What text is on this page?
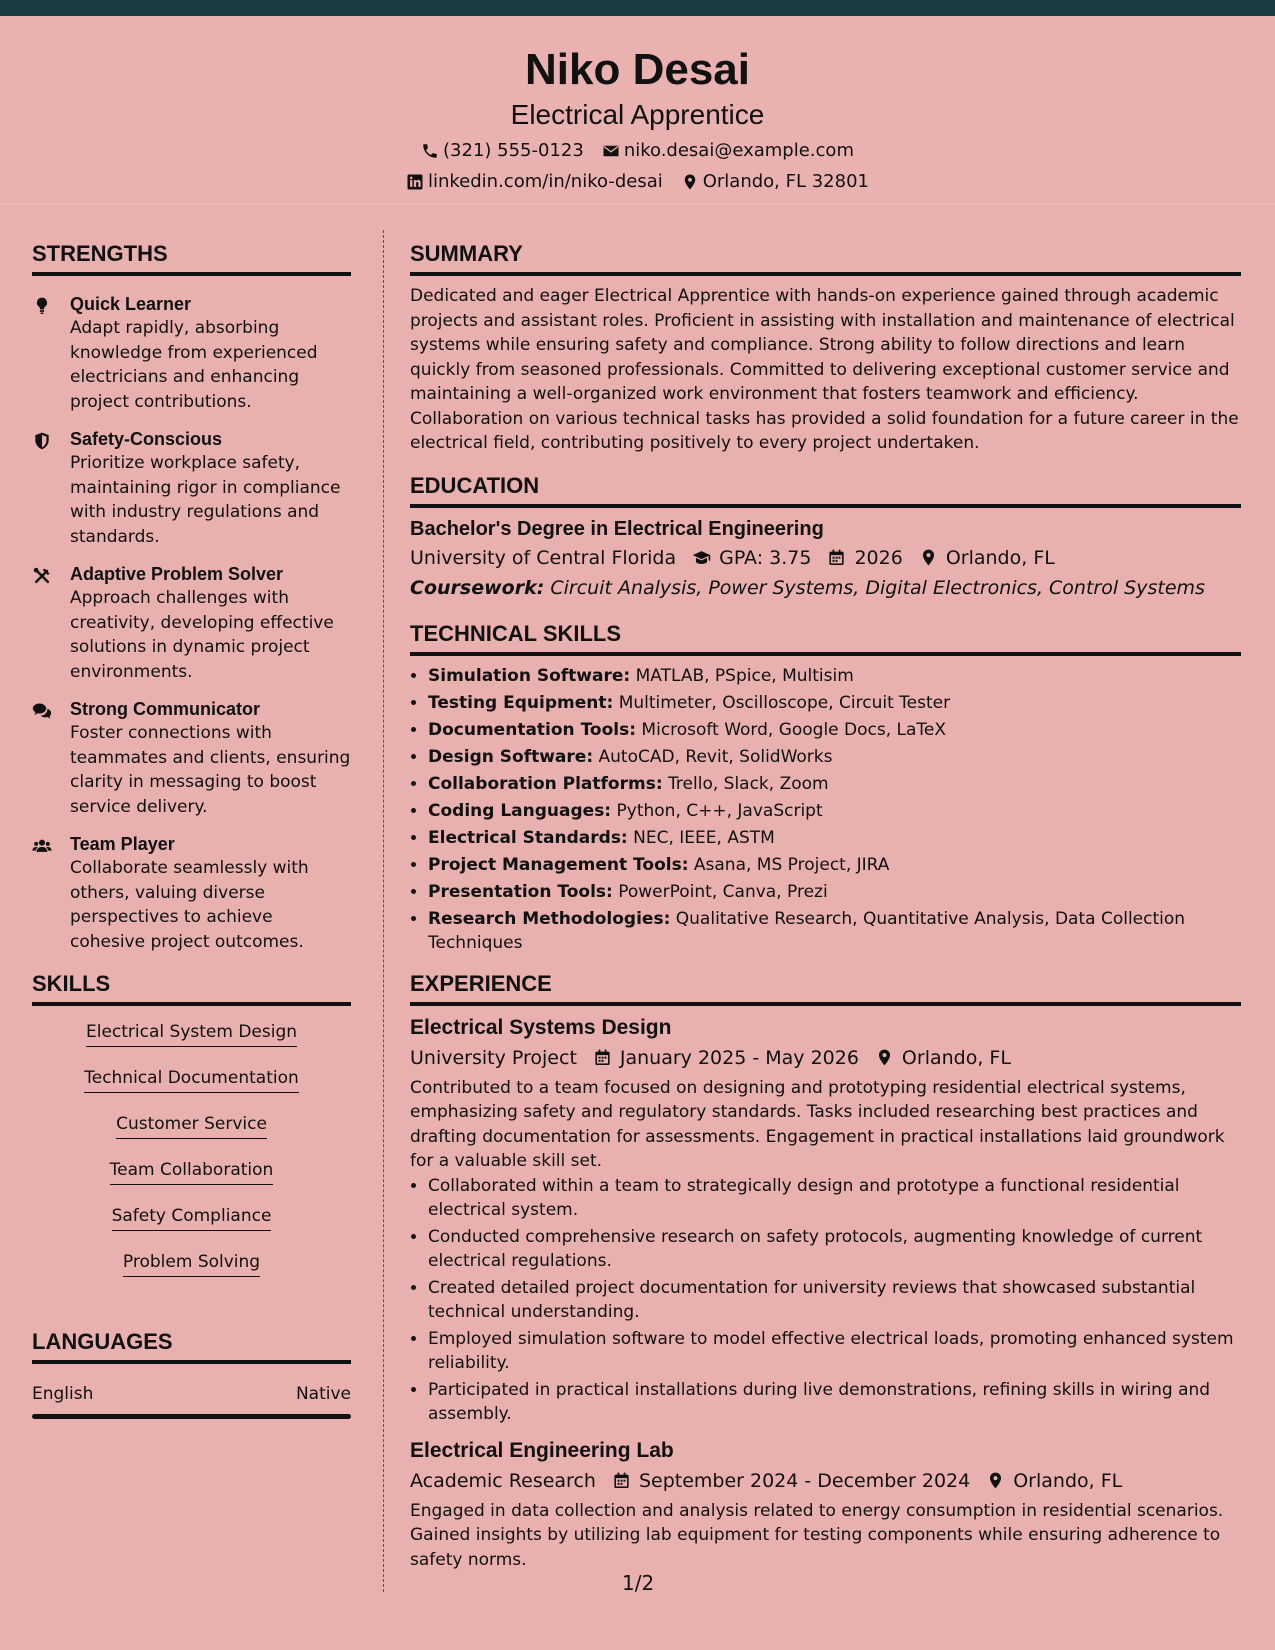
Niko Desai
Electrical Apprentice
(321) 555-0123 niko.desai@example.com
linkedin.com/in/niko-desai Orlando, FL 32801
STRENGTHS
Quick Learner
Adapt rapidly, absorbing knowledge from experienced electricians and enhancing project contributions.
Safety-Conscious
Prioritize workplace safety, maintaining rigor in compliance with industry regulations and standards.
Adaptive Problem Solver
Approach challenges with creativity, developing effective solutions in dynamic project environments.
Strong Communicator
Foster connections with teammates and clients, ensuring clarity in messaging to boost service delivery.
Team Player
Collaborate seamlessly with others, valuing diverse perspectives to achieve cohesive project outcomes.
SKILLS
Electrical System Design
Technical Documentation
Customer Service
Team Collaboration
Safety Compliance
Problem Solving
LANGUAGES
English	Native
SUMMARY

Dedicated and eager Electrical Apprentice with hands-on experience gained through academic projects and assistant roles. Proficient in assisting with installation and maintenance of electrical systems while ensuring safety and compliance. Strong ability to follow directions and learn quickly from seasoned professionals. Committed to delivering exceptional customer service and maintaining a well-organized work environment that fosters teamwork and efficiency. Collaboration on various technical tasks has provided a solid foundation for a future career in the electrical field, contributing positively to every project undertaken.

EDUCATION
Bachelor's Degree in Electrical Engineering
University of Central Florida GPA: 3.75 2026 Orlando, FL
Coursework: Circuit Analysis, Power Systems, Digital Electronics, Control Systems
TECHNICAL SKILLS
• Simulation Software: MATLAB, PSpice, Multisim
• Testing Equipment: Multimeter, Oscilloscope, Circuit Tester
• Documentation Tools: Microsoft Word, Google Docs, LaTeX
• Design Software: AutoCAD, Revit, SolidWorks
• Collaboration Platforms: Trello, Slack, Zoom
• Coding Languages: Python, C++, JavaScript
• Electrical Standards: NEC, IEEE, ASTM
• Project Management Tools: Asana, MS Project, JIRA
• Presentation Tools: PowerPoint, Canva, Prezi
• Research Methodologies: Qualitative Research, Quantitative Analysis, Data Collection Techniques
EXPERIENCE
Electrical Systems Design
University Project January 2025 - May 2026 Orlando, FL

Contributed to a team focused on designing and prototyping residential electrical systems, emphasizing safety and regulatory standards. Tasks included researching best practices and drafting documentation for assessments. Engagement in practical installations laid groundwork for a valuable skill set.

• Collaborated within a team to strategically design and prototype a functional residential electrical system.
• Conducted comprehensive research on safety protocols, augmenting knowledge of current electrical regulations.
• Created detailed project documentation for university reviews that showcased substantial technical understanding.
• Employed simulation software to model effective electrical loads, promoting enhanced system reliability.
• Participated in practical installations during live demonstrations, refining skills in wiring and assembly.
Electrical Engineering Lab
Academic Research September 2024 - December 2024 Orlando, FL

Engaged in data collection and analysis related to energy consumption in residential scenarios. Gained insights by utilizing lab equipment for testing components while ensuring adherence to safety norms.

1/2
